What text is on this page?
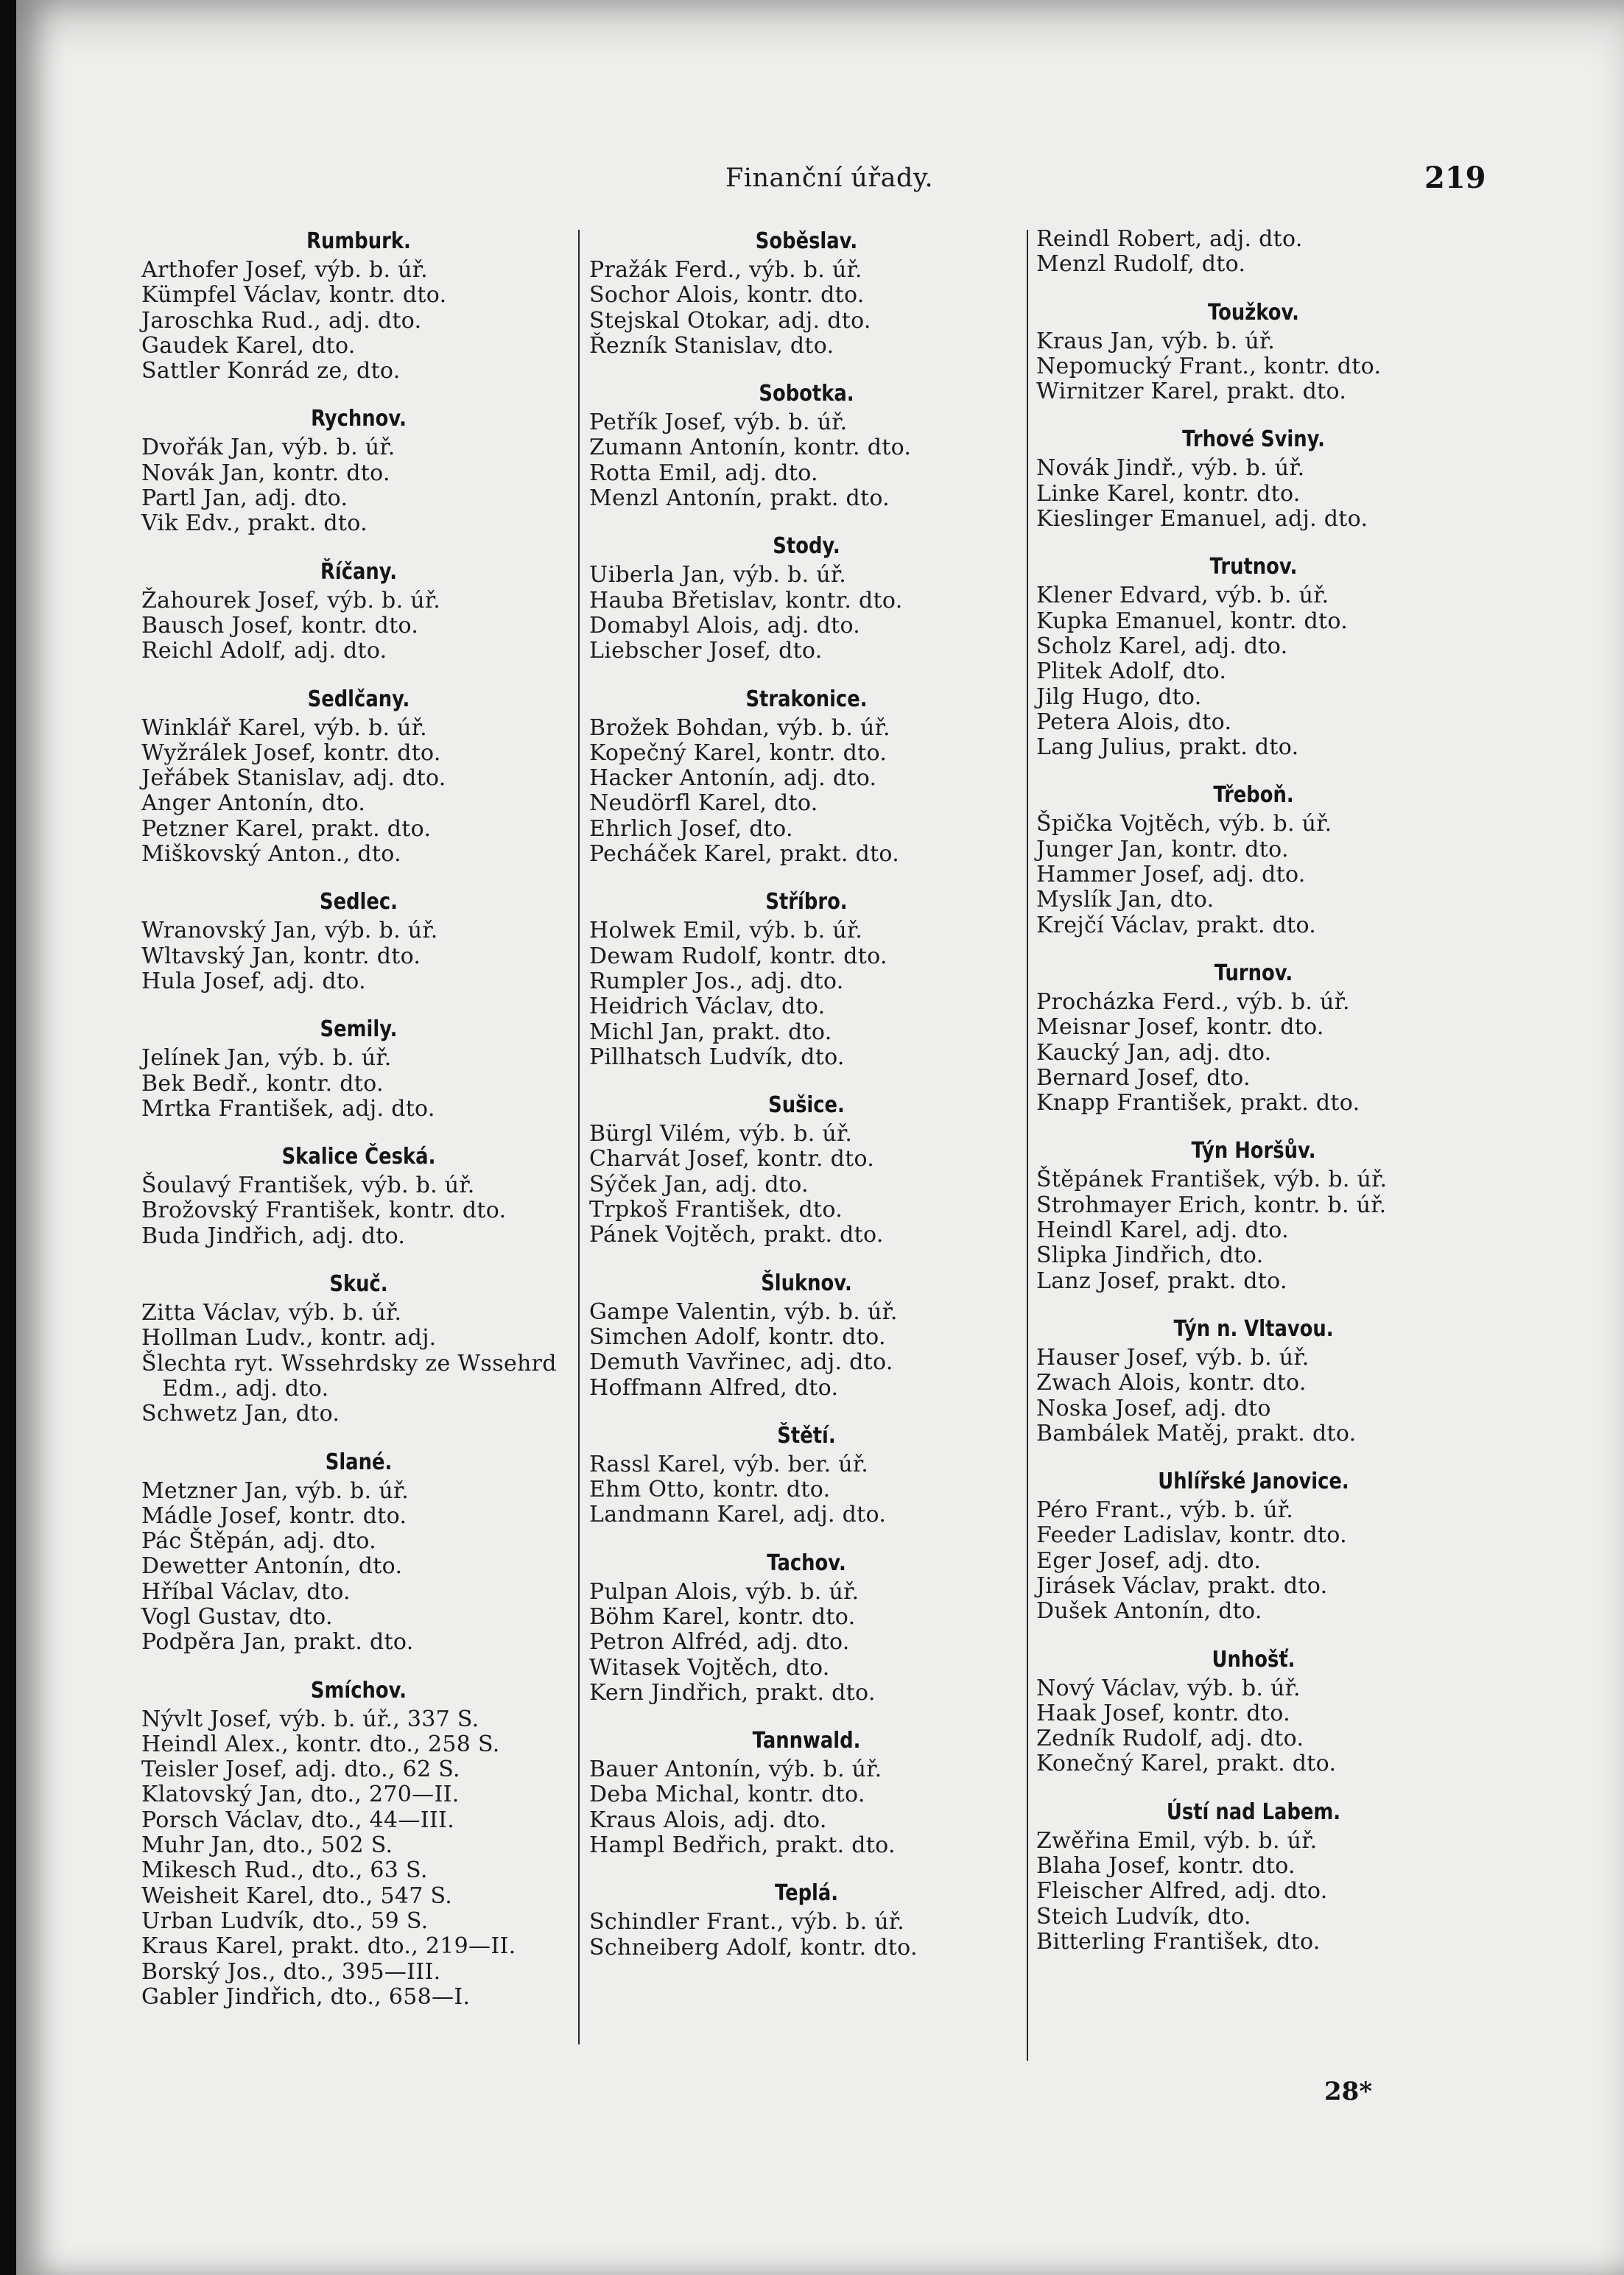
Finanční úřady.	219
Rumburk.
Arthofer Josef, výb. b. úř.
Kümpfel Václav, kontr. dto.
Jaroschka Rud., adj. dto.
Gaudek Karel, dto.
Sattler Konrád ze, dto.
Rychnov.
Dvořák Jan, výb. b. úř.
Novák Jan, kontr. dto.
Partl Jan, adj. dto.
Vik Edv., prakt. dto.
Říčany.
Žahourek Josef, výb. b. úř.
Bausch Josef, kontr. dto.
Reichl Adolf, adj. dto.
Sedlčany.
Winklář Karel, výb. b. úř.
Wyžrálek Josef, kontr. dto.
Jeřábek Stanislav, adj. dto.
Anger Antonín, dto.
Petzner Karel, prakt. dto.
Miškovský Anton., dto.
Sedlec.
Wranovský Jan, výb. b. úř.
Wltavský Jan, kontr. dto.
Hula Josef, adj. dto.
Semily.
Jelínek Jan, výb. b. úř.
Bek Bedř., kontr. dto.
Mrtka František, adj. dto.
Skalice Česká.
Šoulavý František, výb. b. úř.
Brožovský František, kontr. dto.
Buda Jindřich, adj. dto.
Skuč.
Zitta Václav, výb. b. úř.
Hollman Ludv., kontr. adj.
Šlechta ryt. Wssehrdsky ze Wssehrd
Edm., adj. dto.
Schwetz Jan, dto.
Slané.
Metzner Jan, výb. b. úř.
Mádle Josef, kontr. dto.
Pác Štěpán, adj. dto.
Dewetter Antonín, dto.
Hříbal Václav, dto.
Vogl Gustav, dto.
Podpěra Jan, prakt. dto.
Smíchov.
Nývlt Josef, výb. b. úř., 337 S.
Heindl Alex., kontr. dto., 258 S.
Teisler Josef, adj. dto., 62 S.
Klatovský Jan, dto., 270—II.
Porsch Václav, dto., 44—III.
Muhr Jan, dto., 502 S.
Mikesch Rud., dto., 63 S.
Weisheit Karel, dto., 547 S.
Urban Ludvík, dto., 59 S.
Kraus Karel, prakt. dto., 219—II.
Borský Jos., dto., 395—III.
Gabler Jindřich, dto., 658—I.
Soběslav.
Pražák Ferd., výb. b. úř.
Sochor Alois, kontr. dto.
Stejskal Otokar, adj. dto.
Řezník Stanislav, dto.
Sobotka.
Petřík Josef, výb. b. úř.
Zumann Antonín, kontr. dto.
Rotta Emil, adj. dto.
Menzl Antonín, prakt. dto.
Stody.
Uiberla Jan, výb. b. úř.
Hauba Břetislav, kontr. dto.
Domabyl Alois, adj. dto.
Liebscher Josef, dto.
Strakonice.
Brožek Bohdan, výb. b. úř.
Kopečný Karel, kontr. dto.
Hacker Antonín, adj. dto.
Neudörfl Karel, dto.
Ehrlich Josef, dto.
Pecháček Karel, prakt. dto.
Stříbro.
Holwek Emil, výb. b. úř.
Dewam Rudolf, kontr. dto.
Rumpler Jos., adj. dto.
Heidrich Václav, dto.
Michl Jan, prakt. dto.
Pillhatsch Ludvík, dto.
Sušice.
Bürgl Vilém, výb. b. úř.
Charvát Josef, kontr. dto.
Sýček Jan, adj. dto.
Trpkoš František, dto.
Pánek Vojtěch, prakt. dto.
Šluknov.
Gampe Valentin, výb. b. úř.
Simchen Adolf, kontr. dto.
Demuth Vavřinec, adj. dto.
Hoffmann Alfred, dto.
Štětí.
Rassl Karel, výb. ber. úř.
Ehm Otto, kontr. dto.
Landmann Karel, adj. dto.
Tachov.
Pulpan Alois, výb. b. úř.
Böhm Karel, kontr. dto.
Petron Alfréd, adj. dto.
Witasek Vojtěch, dto.
Kern Jindřich, prakt. dto.
Tannwald.
Bauer Antonín, výb. b. úř.
Deba Michal, kontr. dto.
Kraus Alois, adj. dto.
Hampl Bedřich, prakt. dto.
Teplá.
Schindler Frant., výb. b. úř.
Schneiberg Adolf, kontr. dto.
Reindl Robert, adj. dto.
Menzl Rudolf, dto.
Toužkov.
Kraus Jan, výb. b. úř.
Nepomucký Frant., kontr. dto.
Wirnitzer Karel, prakt. dto.
Trhové Sviny.
Novák Jindř., výb. b. úř.
Linke Karel, kontr. dto.
Kieslinger Emanuel, adj. dto.
Trutnov.
Klener Edvard, výb. b. úř.
Kupka Emanuel, kontr. dto.
Scholz Karel, adj. dto.
Plitek Adolf, dto.
Jilg Hugo, dto.
Petera Alois, dto.
Lang Julius, prakt. dto.
Třeboň.
Špička Vojtěch, výb. b. úř.
Junger Jan, kontr. dto.
Hammer Josef, adj. dto.
Myslík Jan, dto.
Krejčí Václav, prakt. dto.
Turnov.
Procházka Ferd., výb. b. úř.
Meisnar Josef, kontr. dto.
Kaucký Jan, adj. dto.
Bernard Josef, dto.
Knapp František, prakt. dto.
Týn Horšův.
Štěpánek František, výb. b. úř.
Strohmayer Erich, kontr. b. úř.
Heindl Karel, adj. dto.
Slipka Jindřich, dto.
Lanz Josef, prakt. dto.
Týn n. Vltavou.
Hauser Josef, výb. b. úř.
Zwach Alois, kontr. dto.
Noska Josef, adj. dto
Bambálek Matěj, prakt. dto.
Uhlířské Janovice.
Péro Frant., výb. b. úř.
Feeder Ladislav, kontr. dto.
Eger Josef, adj. dto.
Jirásek Václav, prakt. dto.
Dušek Antonín, dto.
Unhošť.
Nový Václav, výb. b. úř.
Haak Josef, kontr. dto.
Zedník Rudolf, adj. dto.
Konečný Karel, prakt. dto.
Ústí nad Labem.
Zwěřina Emil, výb. b. úř.
Blaha Josef, kontr. dto.
Fleischer Alfred, adj. dto.
Steich Ludvík, dto.
Bitterling František, dto.
28*
